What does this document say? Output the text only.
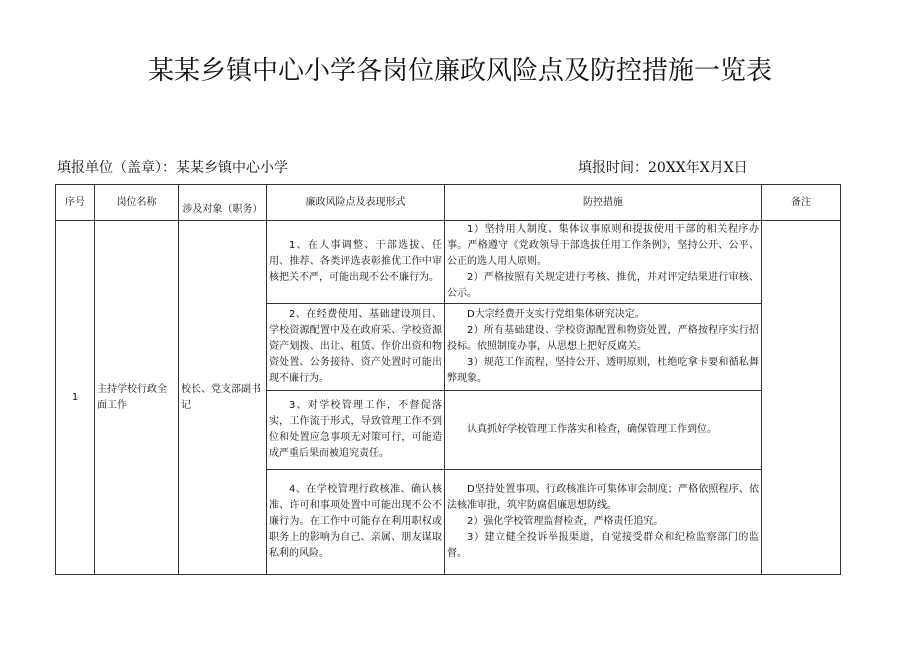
某某乡镇中心小学各岗位廉政风险点及防控措施一览表
填报单位（盖章）：某某乡镇中心小学	填报时间：20XX年X月X日
序号	岗位名称	涉及对象（职务）	廉政风险点及表现形式	防控措施	备注
1	主持学校行政全面工作	校长、党支部副书记	1、在人事调整、干部选拔、任用、推荐、各类评选表彰推优工作中审核把关不严，可能出现不公不廉行为。	1）坚持用人制度、集体议事原则和提拔使用干部的相关程序办事。严格遵守《党政领导干部选拔任用工作条例》，坚持公开、公平、公正的选人用人原则。

2）严格按照有关规定进行考核、推优，并对评定结果进行审核、公示。	

			2、在经费使用、基础建设项目、学校资源配置中及在政府采、学校资源资产划拨、出让、租赁、作价出资和物资处置、公务接待、资产处置时可能出现不廉行为。	D大宗经费开支实行党组集体研究决定。

2）所有基础建设、学校资源配置和物资处置，严格按程序实行招投标。依照制度办事，从思想上把好反腐关。

3）规范工作流程，坚持公开、透明原则，杜绝吃拿卡要和循私舞弊现象。	

			3、对学校管理工作，不督促落实，工作流于形式，导致管理工作不到位和处置应急事项无对策可行，可能造成严重后果而被追究责任。	认真抓好学校管理工作落实和检查，确保管理工作到位。	

			4、在学校管理行政核准、确认核准、许可和事项处置中可能出现不公不廉行为。在工作中可能存在利用职权或职务上的影响为自己、亲属、朋友谋取私利的风险。	D坚持处置事项、行政核准许可集体审会制度；严格依照程序、依法核准审批，筑牢防腐倡廉思想防线。

2）强化学校管理监督检查，严格责任追究。

3）建立健全投诉举报渠道，自觉接受群众和纪检监察部门的监督。	
